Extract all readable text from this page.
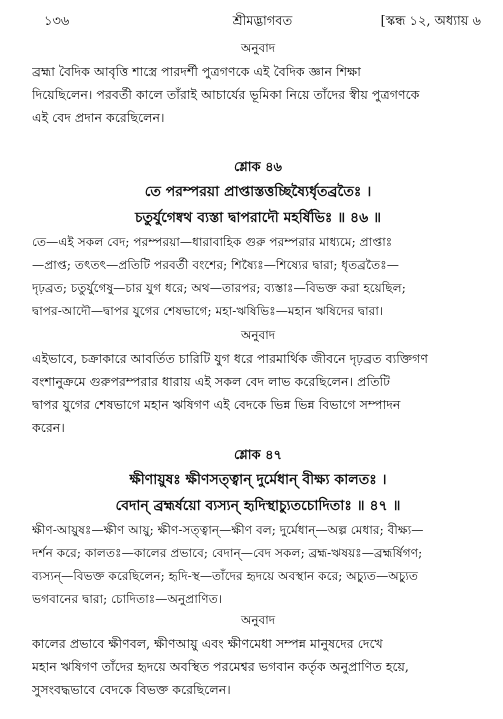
১৩৬	শ্রীমদ্ভাগবত	[স্কন্ধ ১২, অধ্যায় ৬
অনুবাদ
ব্রহ্মা বৈদিক আবৃত্তি শাস্ত্রে পারদর্শী পুত্রগণকে এই বৈদিক জ্ঞান শিক্ষা
দিয়েছিলেন। পরবর্তী কালে তাঁরাই আচার্যের ভূমিকা নিয়ে তাঁদের স্বীয় পুত্রগণকে
এই বেদ প্রদান করেছিলেন।
শ্লোক ৪৬
তে পরম্পরয়া প্রাপ্তাস্তত্তচ্ছিষ্যৈর্ধৃতব্রতৈঃ ।
চতুর্যুগেষ্বথ ব্যস্তা দ্বাপরাদৌ মহর্ষিভিঃ ॥ ৪৬ ॥
তে—এই সকল বেদ; পরম্পরয়া—ধারাবাহিক গুরু পরম্পরার মাধ্যমে; প্রাপ্তাঃ
—প্রাপ্ত; তৎতৎ—প্রতিটি পরবর্তী বংশের; শিষ্যৈঃ—শিষ্যের দ্বারা; ধৃতব্রতৈঃ—
দৃঢ়ব্রত; চতুর্যুগেষু—চার যুগ ধরে; অথ—তারপর; ব্যস্তাঃ—বিভক্ত করা হয়েছিল;
দ্বাপর-আদৌ—দ্বাপর যুগের শেষভাগে; মহা-ঋষিভিঃ—মহান ঋষিদের দ্বারা।
অনুবাদ
এইভাবে, চক্রাকারে আবর্তিত চারিটি যুগ ধরে পারমার্থিক জীবনে দৃঢ়ব্রত ব্যক্তিগণ
বংশানুক্রমে গুরুপরম্পরার ধারায় এই সকল বেদ লাভ করেছিলেন। প্রতিটি
দ্বাপর যুগের শেষভাগে মহান ঋষিগণ এই বেদকে ভিন্ন ভিন্ন বিভাগে সম্পাদন
করেন।
শ্লোক ৪৭
ক্ষীণায়ুষঃ ক্ষীণসত্ত্বান্ দুর্মেধান্ বীক্ষ্য কালতঃ ।
বেদান্ ব্রহ্মর্ষয়ো ব্যস্যন্ হৃদিস্থাচ্যুতচোদিতাঃ ॥ ৪৭ ॥
ক্ষীণ-আয়ুষঃ—ক্ষীণ আয়ু; ক্ষীণ-সত্ত্বান্—ক্ষীণ বল; দুর্মেধান্—অল্প মেধার; বীক্ষ্য—
দর্শন করে; কালতঃ—কালের প্রভাবে; বেদান্—বেদ সকল; ব্রহ্ম-ঋষয়ঃ—ব্রহ্মর্ষিগণ;
ব্যস্যন্—বিভক্ত করেছিলেন; হৃদি-স্থ—তাঁদের হৃদয়ে অবস্থান করে; অচ্যুত—অচ্যুত
ভগবানের দ্বারা; চোদিতাঃ—অনুপ্রাণিত।
অনুবাদ
কালের প্রভাবে ক্ষীণবল, ক্ষীণআয়ু এবং ক্ষীণমেধা সম্পন্ন মানুষদের দেখে
মহান ঋষিগণ তাঁদের হৃদয়ে অবস্থিত পরমেশ্বর ভগবান কর্তৃক অনুপ্রাণিত হয়ে,
সুসংবদ্ধভাবে বেদকে বিভক্ত করেছিলেন।
